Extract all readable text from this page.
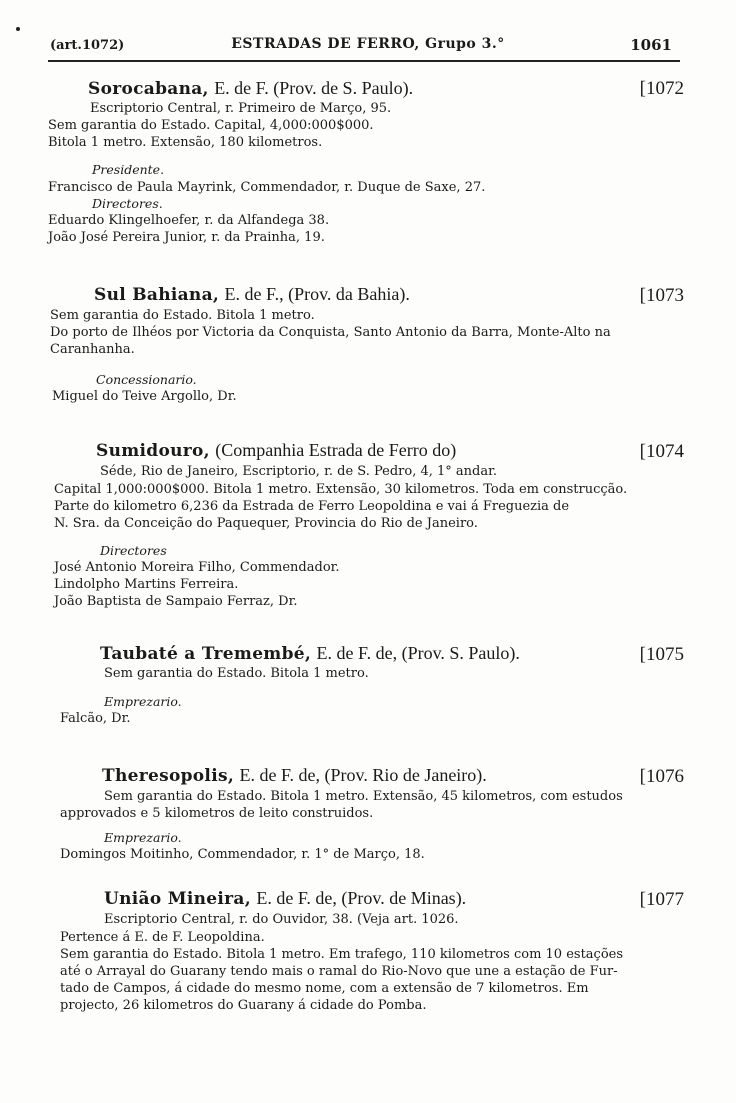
(art.1072)	ESTRADAS DE FERRO, Grupo 3.°	1061
Sorocabana, E. de F. (Prov. de S. Paulo).	[1072
Escriptorio Central, r. Primeiro de Março, 95.
Sem garantia do Estado. Capital, 4,000:000$000.
Bitola 1 metro. Extensão, 180 kilometros.
Presidente.
Francisco de Paula Mayrink, Commendador, r. Duque de Saxe, 27.
Directores.
Eduardo Klingelhoefer, r. da Alfandega 38.
João José Pereira Junior, r. da Prainha, 19.
Sul Bahiana, E. de F., (Prov. da Bahia).	[1073
Sem garantia do Estado. Bitola 1 metro.
Do porto de Ilhéos por Victoria da Conquista, Santo Antonio da Barra, Monte-Alto na
Caranhanha.
Concessionario.
Miguel do Teive Argollo, Dr.
Sumidouro, (Companhia Estrada de Ferro do)	[1074
Séde, Rio de Janeiro, Escriptorio, r. de S. Pedro, 4, 1° andar.
Capital 1,000:000$000. Bitola 1 metro. Extensão, 30 kilometros. Toda em construcção.
Parte do kilometro 6,236 da Estrada de Ferro Leopoldina e vai á Freguezia de
N. Sra. da Conceição do Paquequer, Provincia do Rio de Janeiro.
Directores
José Antonio Moreira Filho, Commendador.
Lindolpho Martins Ferreira.
João Baptista de Sampaio Ferraz, Dr.
Taubaté a Tremembé, E. de F. de, (Prov. S. Paulo).	[1075
Sem garantia do Estado. Bitola 1 metro.
Emprezario.
Falcão, Dr.
Theresopolis, E. de F. de, (Prov. Rio de Janeiro).	[1076
Sem garantia do Estado. Bitola 1 metro. Extensão, 45 kilometros, com estudos
approvados e 5 kilometros de leito construidos.
Emprezario.
Domingos Moitinho, Commendador, r. 1° de Março, 18.
União Mineira, E. de F. de, (Prov. de Minas).	[1077
Escriptorio Central, r. do Ouvidor, 38. (Veja art. 1026.
Pertence á E. de F. Leopoldina.
Sem garantia do Estado. Bitola 1 metro. Em trafego, 110 kilometros com 10 estações
até o Arrayal do Guarany tendo mais o ramal do Rio-Novo que une a estação de Fur-
tado de Campos, á cidade do mesmo nome, com a extensão de 7 kilometros. Em
projecto, 26 kilometros do Guarany á cidade do Pomba.
